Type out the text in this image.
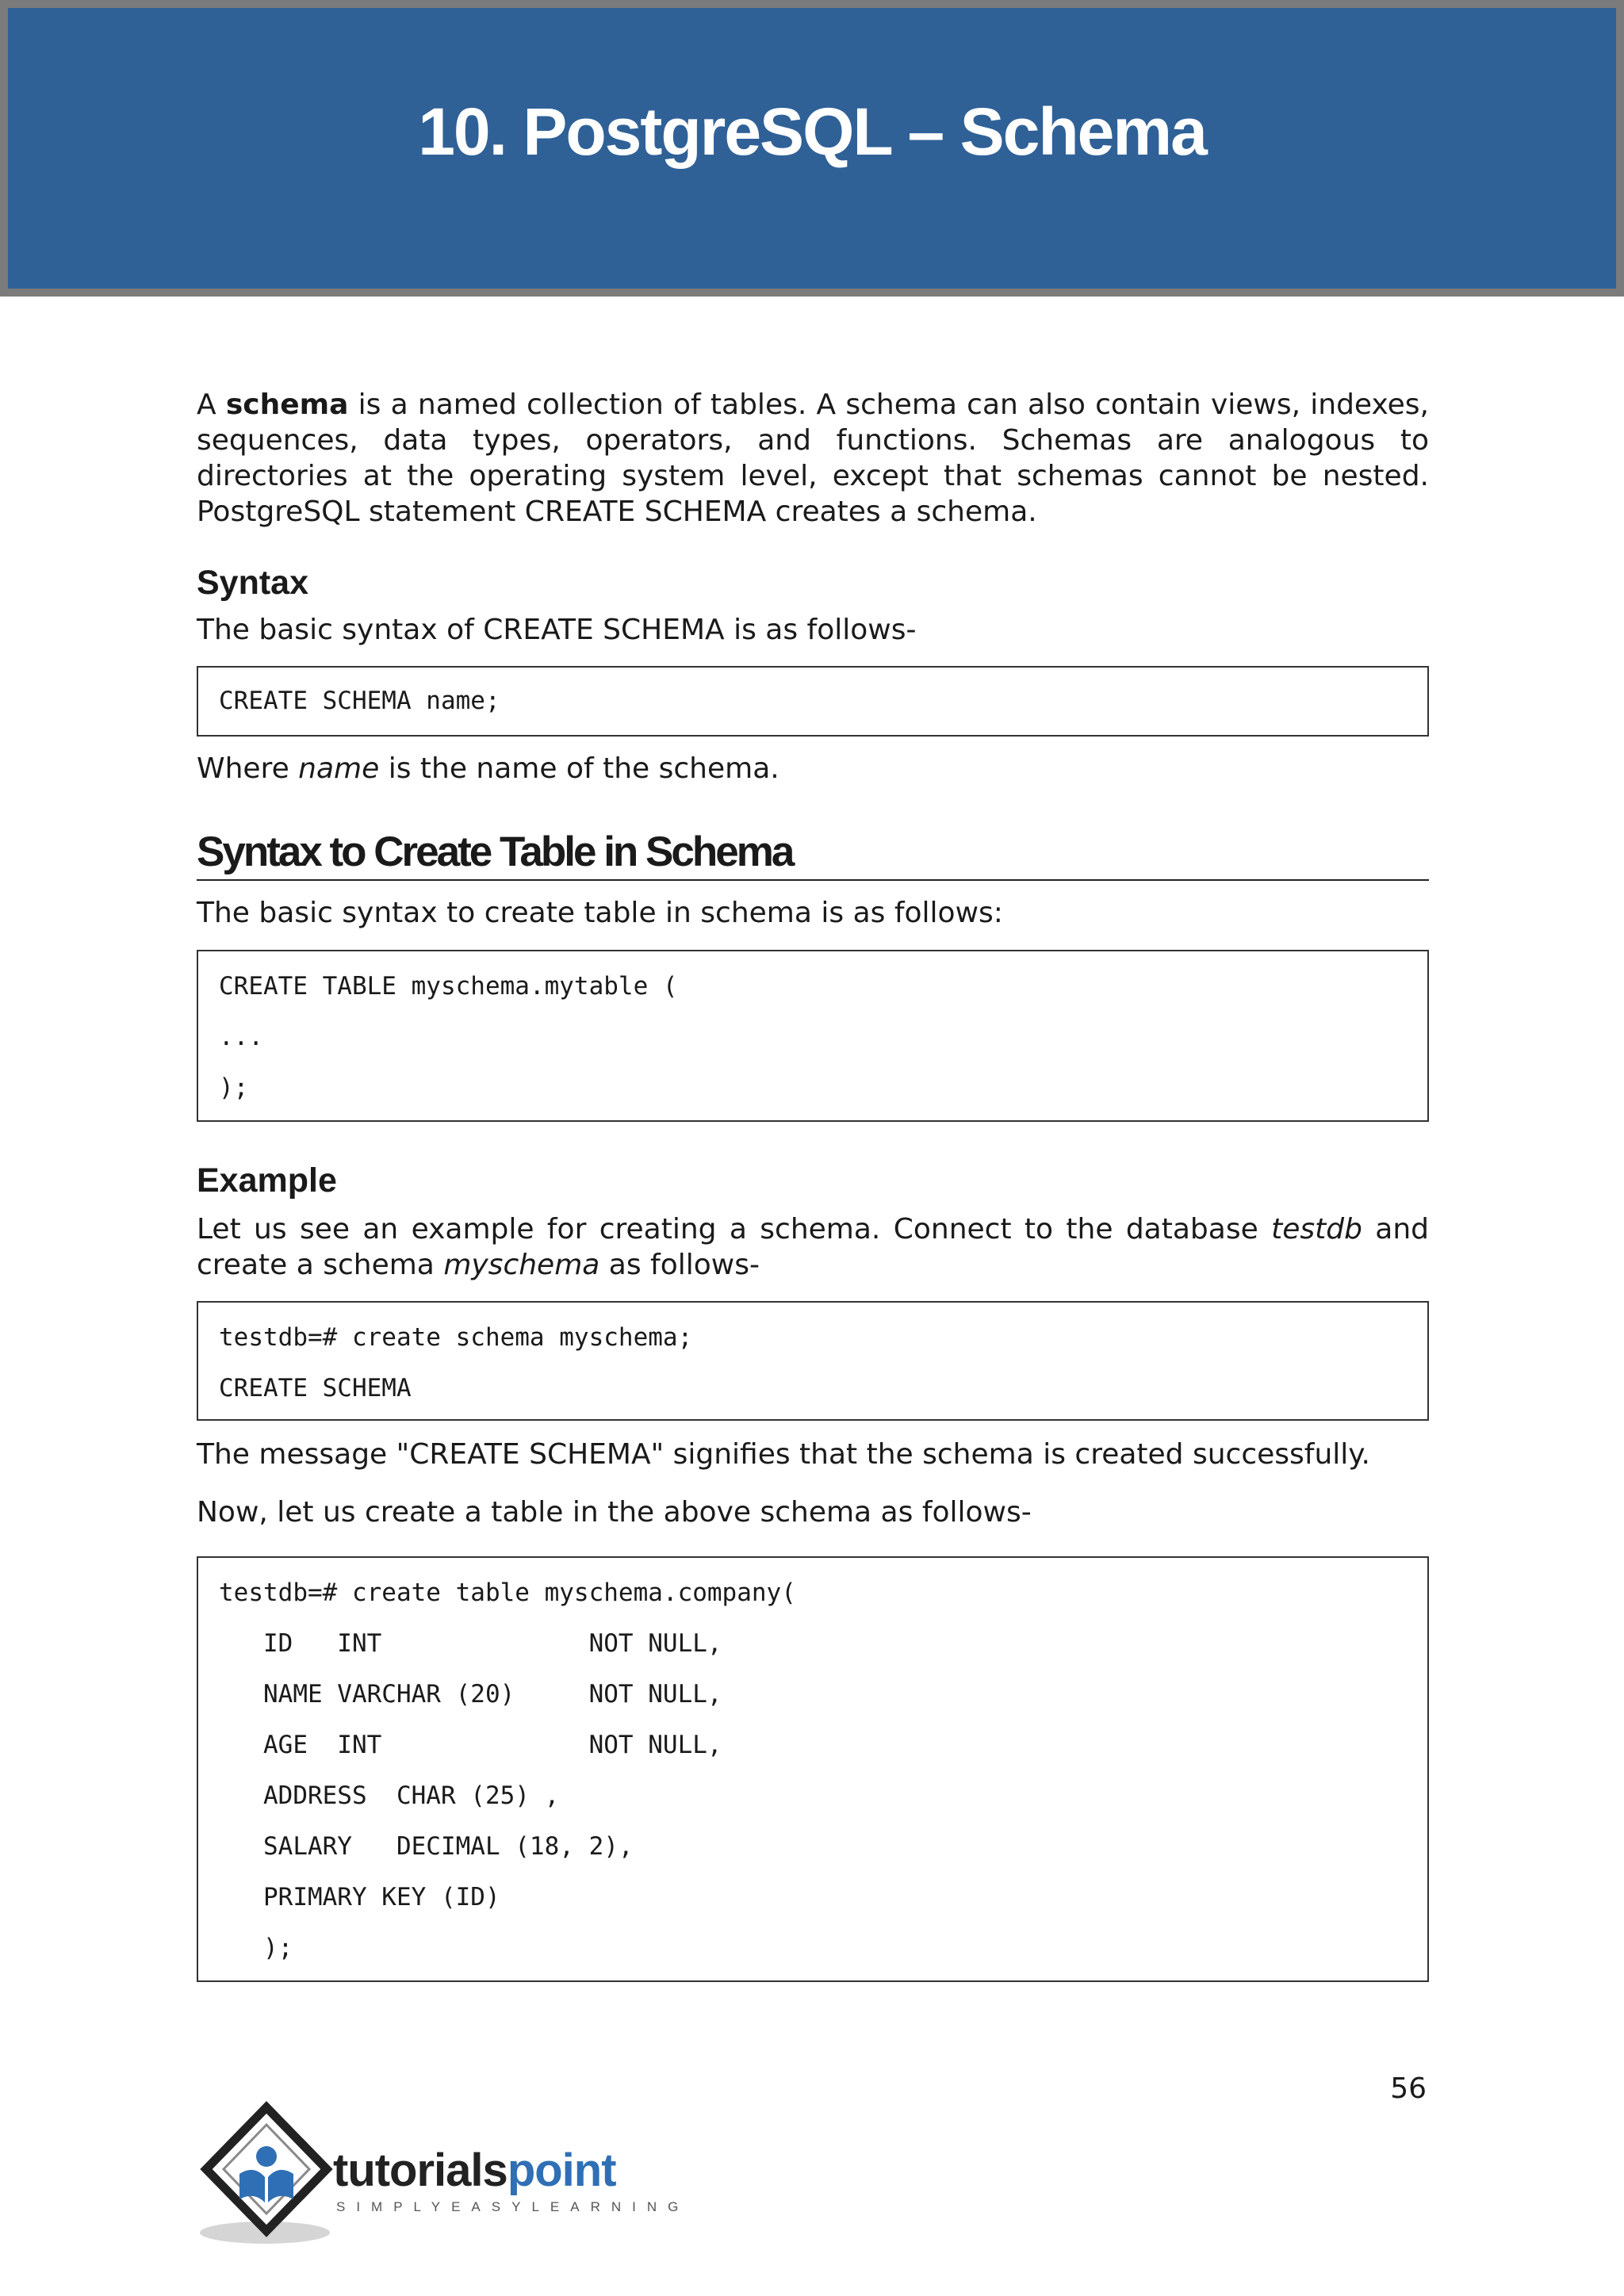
10. PostgreSQL – Schema

A schema is a named collection of tables. A schema can also contain views, indexes, sequences, data types, operators, and functions. Schemas are analogous to directories at the operating system level, except that schemas cannot be nested. PostgreSQL statement CREATE SCHEMA creates a schema.

Syntax

The basic syntax of CREATE SCHEMA is as follows-

CREATE SCHEMA name;

Where name is the name of the schema.

Syntax to Create Table in Schema

The basic syntax to create table in schema is as follows:

CREATE TABLE myschema.mytable (
...
);
Example

Let us see an example for creating a schema. Connect to the database testdb and create a schema myschema as follows-

testdb=# create schema myschema;
CREATE SCHEMA

The message "CREATE SCHEMA" signifies that the schema is created successfully.

Now, let us create a table in the above schema as follows-

testdb=# create table myschema.company(
ID   INT              NOT NULL,
NAME VARCHAR (20)     NOT NULL,
AGE  INT              NOT NULL,
ADDRESS  CHAR (25) ,
SALARY   DECIMAL (18, 2),
PRIMARY KEY (ID)
);
56
tutorialspoint
SIMPLYEASYLEARNING
